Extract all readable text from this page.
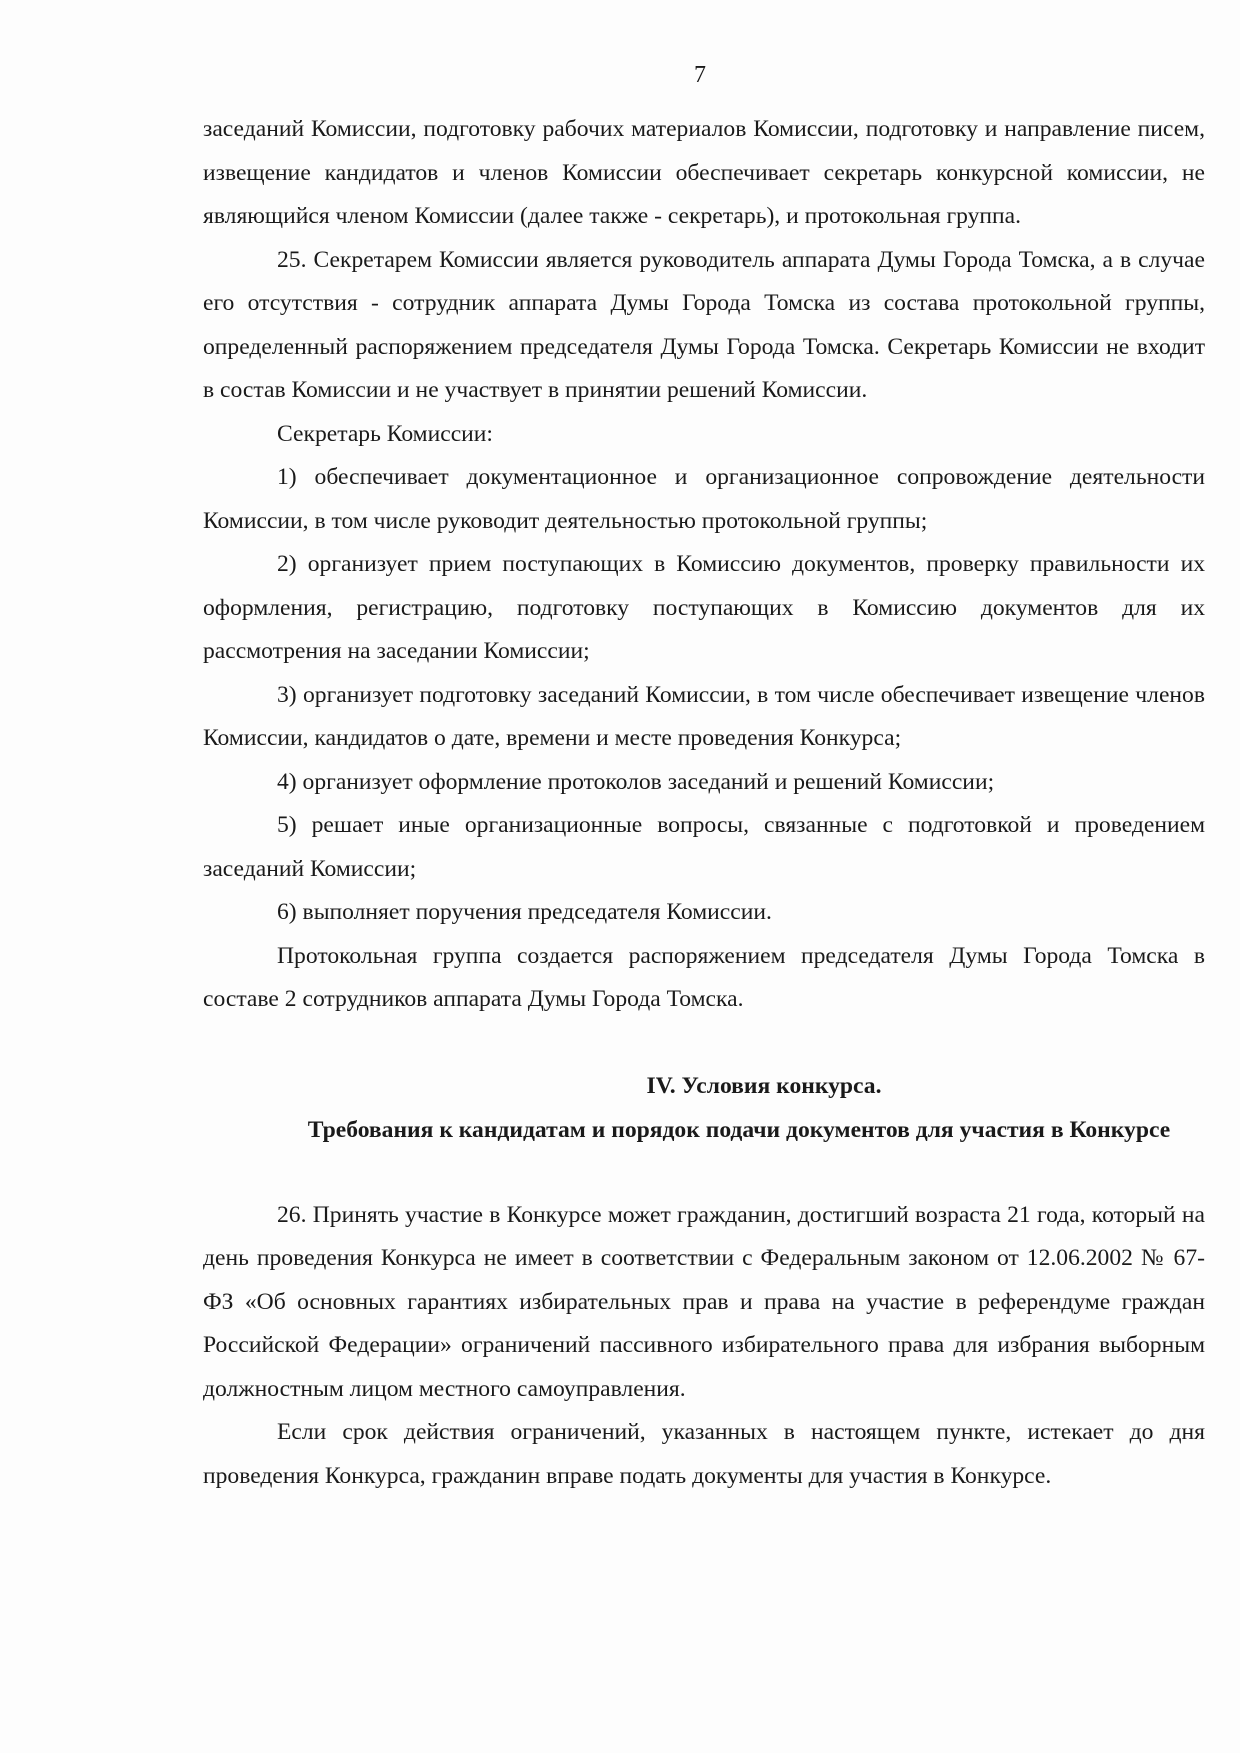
7

заседаний Комиссии, подготовку рабочих материалов Комиссии, подготовку и направление писем, извещение кандидатов и членов Комиссии обеспечивает секретарь конкурсной комиссии, не являющийся членом Комиссии (далее также - секретарь), и протокольная группа.

25. Секретарем Комиссии является руководитель аппарата Думы Города Томска, а в случае его отсутствия - сотрудник аппарата Думы Города Томска из состава протокольной группы, определенный распоряжением председателя Думы Города Томска. Секретарь Комиссии не входит в состав Комиссии и не участвует в принятии решений Комиссии.

Секретарь Комиссии:

1) обеспечивает документационное и организационное сопровождение деятельности Комиссии, в том числе руководит деятельностью протокольной группы;

2) организует прием поступающих в Комиссию документов, проверку правильности их оформления, регистрацию, подготовку поступающих в Комиссию документов для их рассмотрения на заседании Комиссии;

3) организует подготовку заседаний Комиссии, в том числе обеспечивает извещение членов Комиссии, кандидатов о дате, времени и месте проведения Конкурса;

4) организует оформление протоколов заседаний и решений Комиссии;

5) решает иные организационные вопросы, связанные с подготовкой и проведением заседаний Комиссии;

6) выполняет поручения председателя Комиссии.

Протокольная группа создается распоряжением председателя Думы Города Томска в составе 2 сотрудников аппарата Думы Города Томска.

IV. Условия конкурса.

Требования к кандидатам и порядок подачи документов для участия в Конкурсе

26. Принять участие в Конкурсе может гражданин, достигший возраста 21 года, который на день проведения Конкурса не имеет в соответствии с Федеральным законом от 12.06.2002 № 67-ФЗ «Об основных гарантиях избирательных прав и права на участие в референдуме граждан Российской Федерации» ограничений пассивного избирательного права для избрания выборным должностным лицом местного самоуправления.

Если срок действия ограничений, указанных в настоящем пункте, истекает до дня проведения Конкурса, гражданин вправе подать документы для участия в Конкурсе.
